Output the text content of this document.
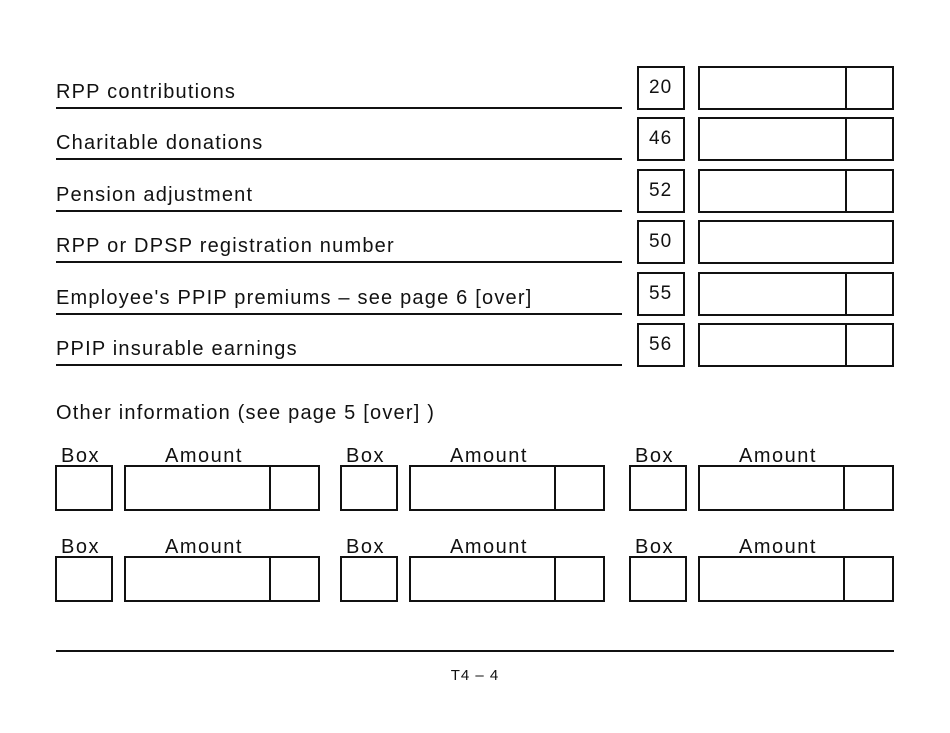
RPP contributions	20
Charitable donations	46
Pension adjustment	52
RPP or DPSP registration number	50
Employee's PPIP premiums – see page 6 [over]	55
PPIP insurable earnings	56
Other information (see page 5 [over] )
Box	Amount	Box	Amount	Box	Amount
Box	Amount	Box	Amount	Box	Amount
T4 – 4
